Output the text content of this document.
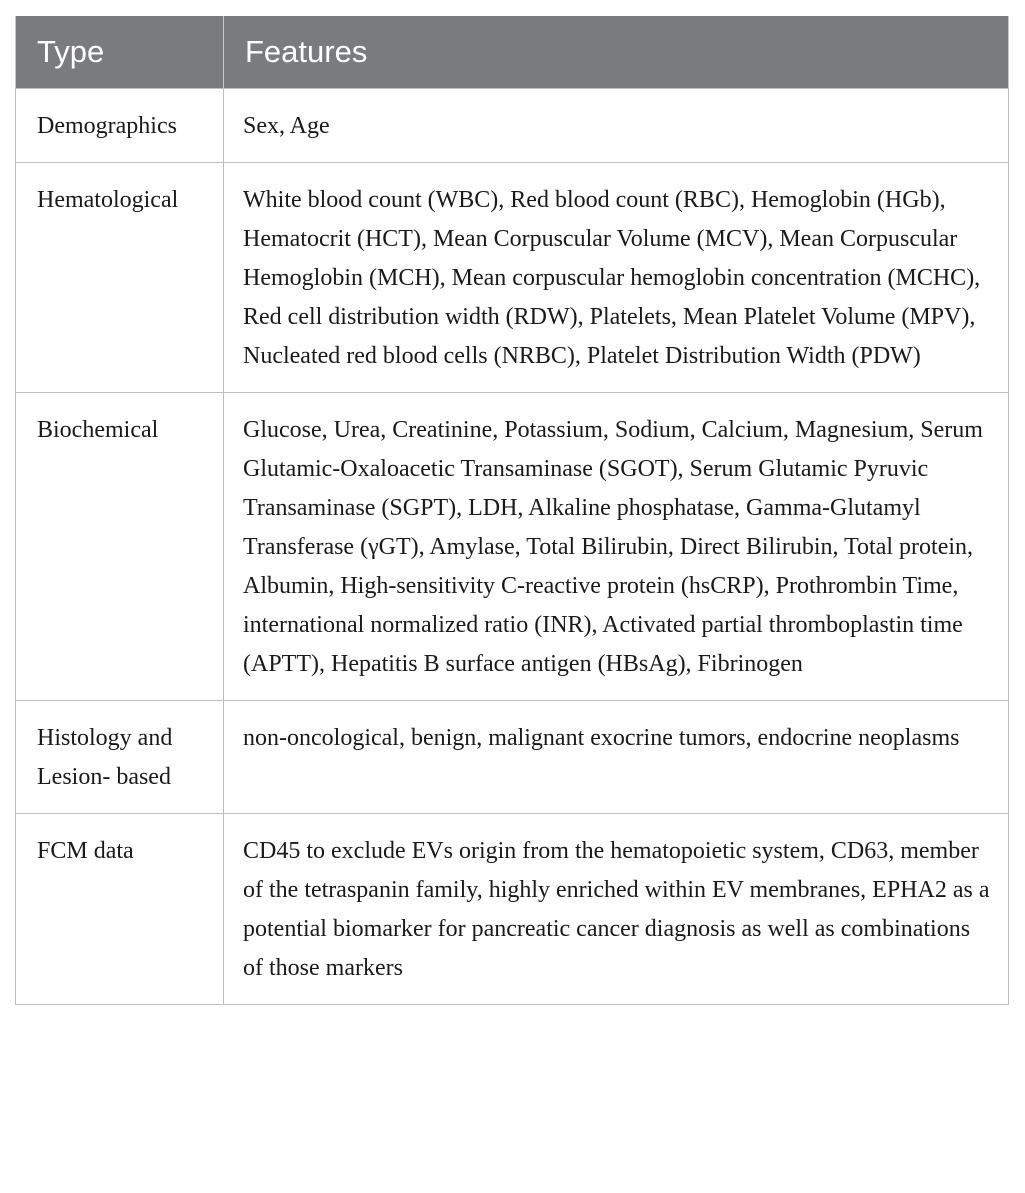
Type	Features
Demographics	Sex, Age
Hematological	White blood count (WBC), Red blood count (RBC), Hemoglobin (HGb), Hematocrit (HCT), Mean Corpuscular Volume (MCV), Mean Corpuscular Hemoglobin (MCH), Mean corpuscular hemoglobin concentration (MCHC), Red cell distribution width (RDW), Platelets, Mean Platelet Volume (MPV), Nucleated red blood cells (NRBC), Platelet Distribution Width (PDW)
Biochemical	Glucose, Urea, Creatinine, Potassium, Sodium, Calcium, Magnesium, Serum Glutamic-Oxaloacetic Transaminase (SGOT), Serum Glutamic Pyruvic Transaminase (SGPT), LDH, Alkaline phosphatase, Gamma-Glutamyl Transferase (γGT), Amylase, Total Bilirubin, Direct Bilirubin, Total protein, Albumin, High-sensitivity C-reactive protein (hsCRP), Prothrombin Time, international normalized ratio (INR), Activated partial thromboplastin time (APTT), Hepatitis B surface antigen (HBsAg), Fibrinogen
Histology and Lesion- based	non-oncological, benign, malignant exocrine tumors, endocrine neoplasms
FCM data	CD45 to exclude EVs origin from the hematopoietic system, CD63, member of the tetraspanin family, highly enriched within EV membranes, EPHA2 as a potential biomarker for pancreatic cancer diagnosis as well as combinations of those markers
